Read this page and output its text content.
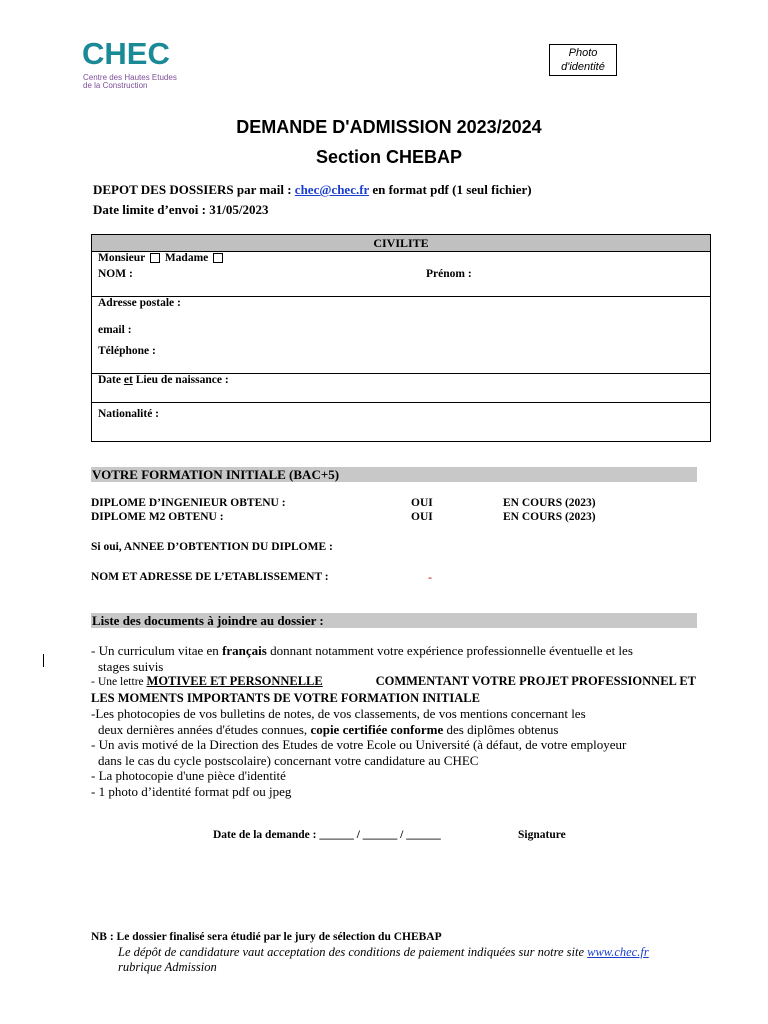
CHEC
Centre des Hautes Etudes
de la Construction
Photo
d'identité
DEMANDE D'ADMISSION 2023/2024
Section CHEBAP
DEPOT DES DOSSIERS par mail : chec@chec.fr en format pdf (1 seul fichier)
Date limite d’envoi : 31/05/2023
CIVILITE
Monsieur Madame
NOM :	Prénom :
Adresse postale :
email :
Téléphone :
Date et Lieu de naissance :
Nationalité :
VOTRE FORMATION INITIALE (BAC+5)
DIPLOME D’INGENIEUR OBTENU :	OUI	EN COURS (2023)
DIPLOME M2 OBTENU :	OUI	EN COURS (2023)
Si oui, ANNEE D’OBTENTION DU DIPLOME :
NOM ET ADRESSE DE L’ETABLISSEMENT :	-
Liste des documents à joindre au dossier :
- Un curriculum vitae en français donnant notamment votre expérience professionnelle éventuelle et les
stages suivis
- Une lettre MOTIVEE ET PERSONNELLE	COMMENTANT VOTRE PROJET PROFESSIONNEL ET
LES MOMENTS IMPORTANTS DE VOTRE FORMATION INITIALE
-Les photocopies de vos bulletins de notes, de vos classements, de vos mentions concernant les
deux dernières années d'études connues, copie certifiée conforme des diplômes obtenus
- Un avis motivé de la Direction des Etudes de votre Ecole ou Université (à défaut, de votre employeur
dans le cas du cycle postscolaire) concernant votre candidature au CHEC
- La photocopie d'une pièce d'identité
- 1 photo d’identité format pdf ou jpeg
Date de la demande : ______ / ______ / ______	Signature
NB : Le dossier finalisé sera étudié par le jury de sélection du CHEBAP
Le dépôt de candidature vaut acceptation des conditions de paiement indiquées sur notre site www.chec.fr
rubrique Admission
